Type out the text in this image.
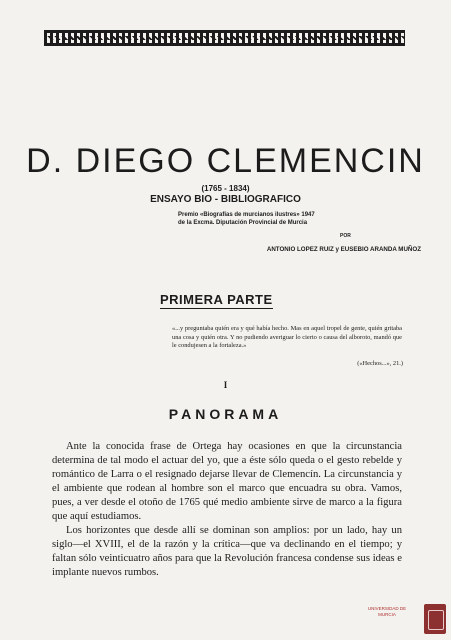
D. DIEGO CLEMENCIN
(1765 - 1834)
ENSAYO BIO - BIBLIOGRAFICO
Premio «Biografías de murcianos ilustres» 1947
de la Excma. Diputación Provincial de Murcia
POR
ANTONIO LOPEZ RUIZ y EUSEBIO ARANDA MUÑOZ
PRIMERA PARTE
«...y preguntaba quién era y qué había hecho. Mas en aquel tropel de gente, quién gritaba una cosa y quién otra. Y no pudiendo averiguar lo cierto o causa del alboroto, mandó que le condujesen a la fortaleza.»
(«Hechos...», 21.)
I
PANORAMA

Ante la conocida frase de Ortega hay ocasiones en que la circunstancia determina de tal modo el actuar del yo, que a éste sólo queda o el gesto rebelde y romántico de Larra o el resignado dejarse llevar de Clemencín. La circunstancia y el ambiente que rodean al hombre son el marco que encuadra su obra. Vamos, pues, a ver desde el otoño de 1765 qué medio ambiente sirve de marco a la figura que aquí estudiamos.

Los horizontes que desde allí se dominan son amplios: por un lado, hay un siglo—el XVIII, el de la razón y la crítica—que va declinando en el tiempo; y faltan sólo veinticuatro años para que la Revolución francesa condense sus ideas e implante nuevos rumbos.

UNIVERSIDAD DE
MURCIA
